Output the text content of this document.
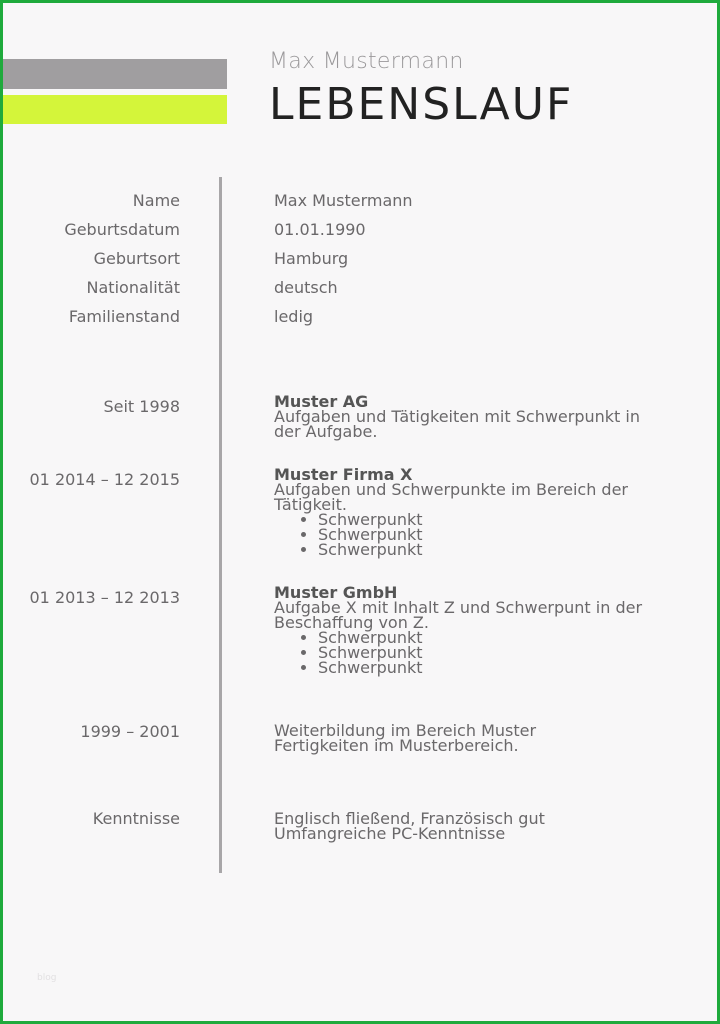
Max Mustermann
LEBENSLAUF
Name	Max Mustermann
Geburtsdatum	01.01.1990
Geburtsort	Hamburg
Nationalität	deutsch
Familienstand	ledig
Seit 1998	Muster AG
Aufgaben und Tätigkeiten mit Schwerpunkt in der Aufgabe.
01 2014 – 12 2015	Muster Firma X
Aufgaben und Schwerpunkte im Bereich der Tätigkeit.
Schwerpunkt
Schwerpunkt
Schwerpunkt
01 2013 – 12 2013	Muster GmbH
Aufgabe X mit Inhalt Z und Schwerpunt in der Beschaffung von Z.
Schwerpunkt
Schwerpunkt
Schwerpunkt
1999 – 2001	Weiterbildung im Bereich Muster Fertigkeiten im Musterbereich.
Kenntnisse	Englisch fließend, Französisch gut
Umfangreiche PC-Kenntnisse
blog
